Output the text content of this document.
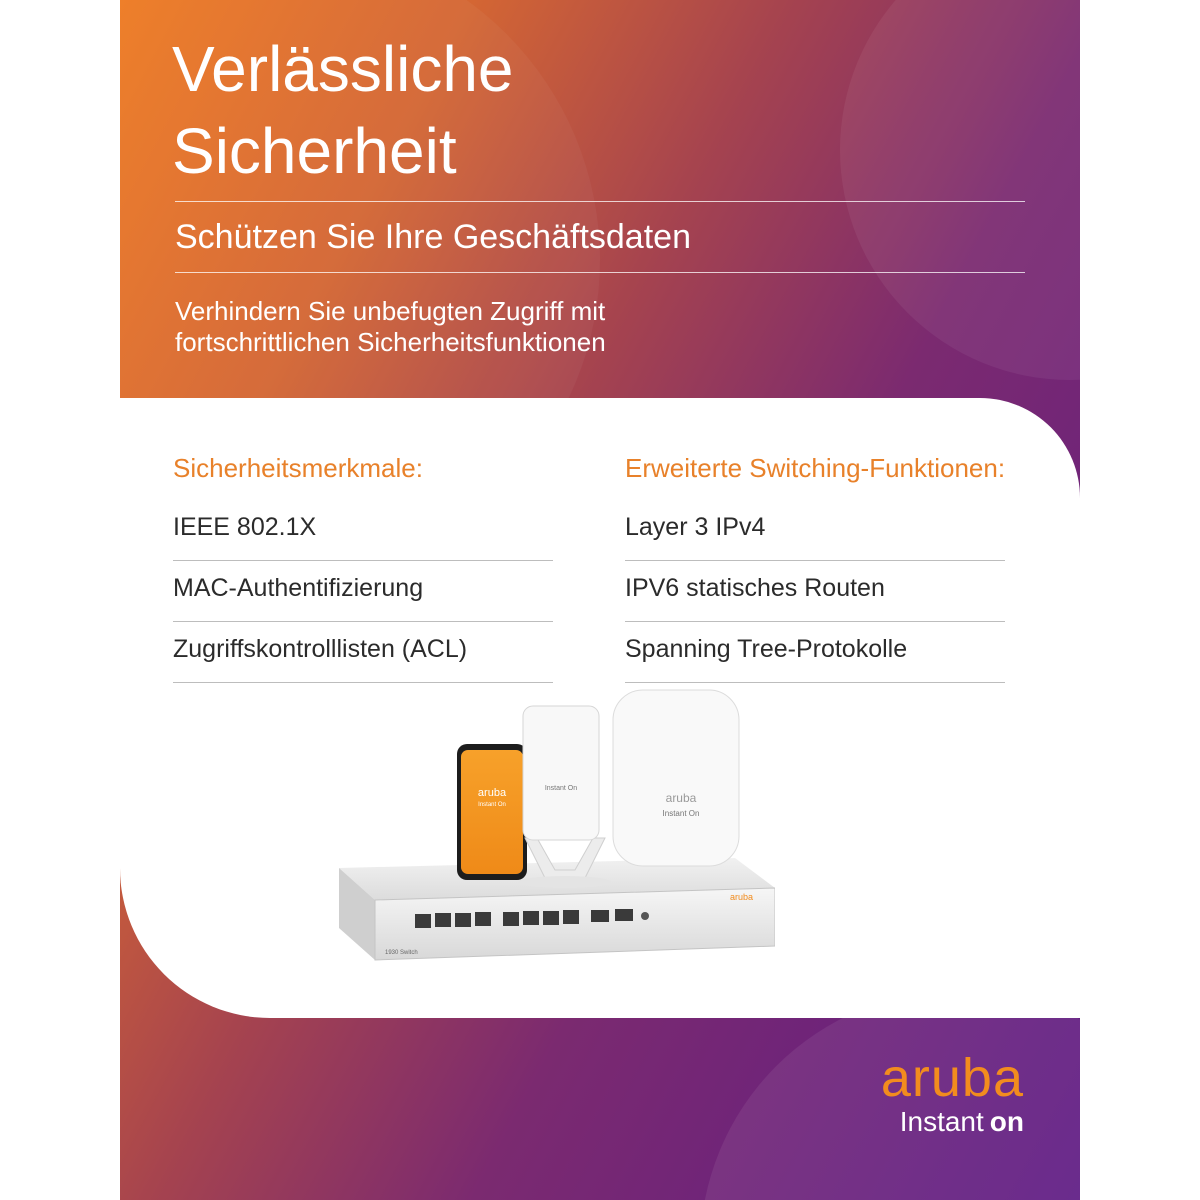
Verlässliche
Sicherheit
Schützen Sie Ihre Geschäftsdaten
Verhindern Sie unbefugten Zugriff mit
fortschrittlichen Sicherheitsfunktionen
Sicherheitsmerkmale:
IEEE 802.1X
MAC-Authentifizierung
Zugriffskontrolllisten (ACL)
Erweiterte Switching-Funktionen:
Layer 3 IPv4
IPV6 statisches Routen
Spanning Tree-Protokolle
aruba
1930 Switch
aruba
Instant On
Instant On
aruba
Instant On
aruba
Instant on
